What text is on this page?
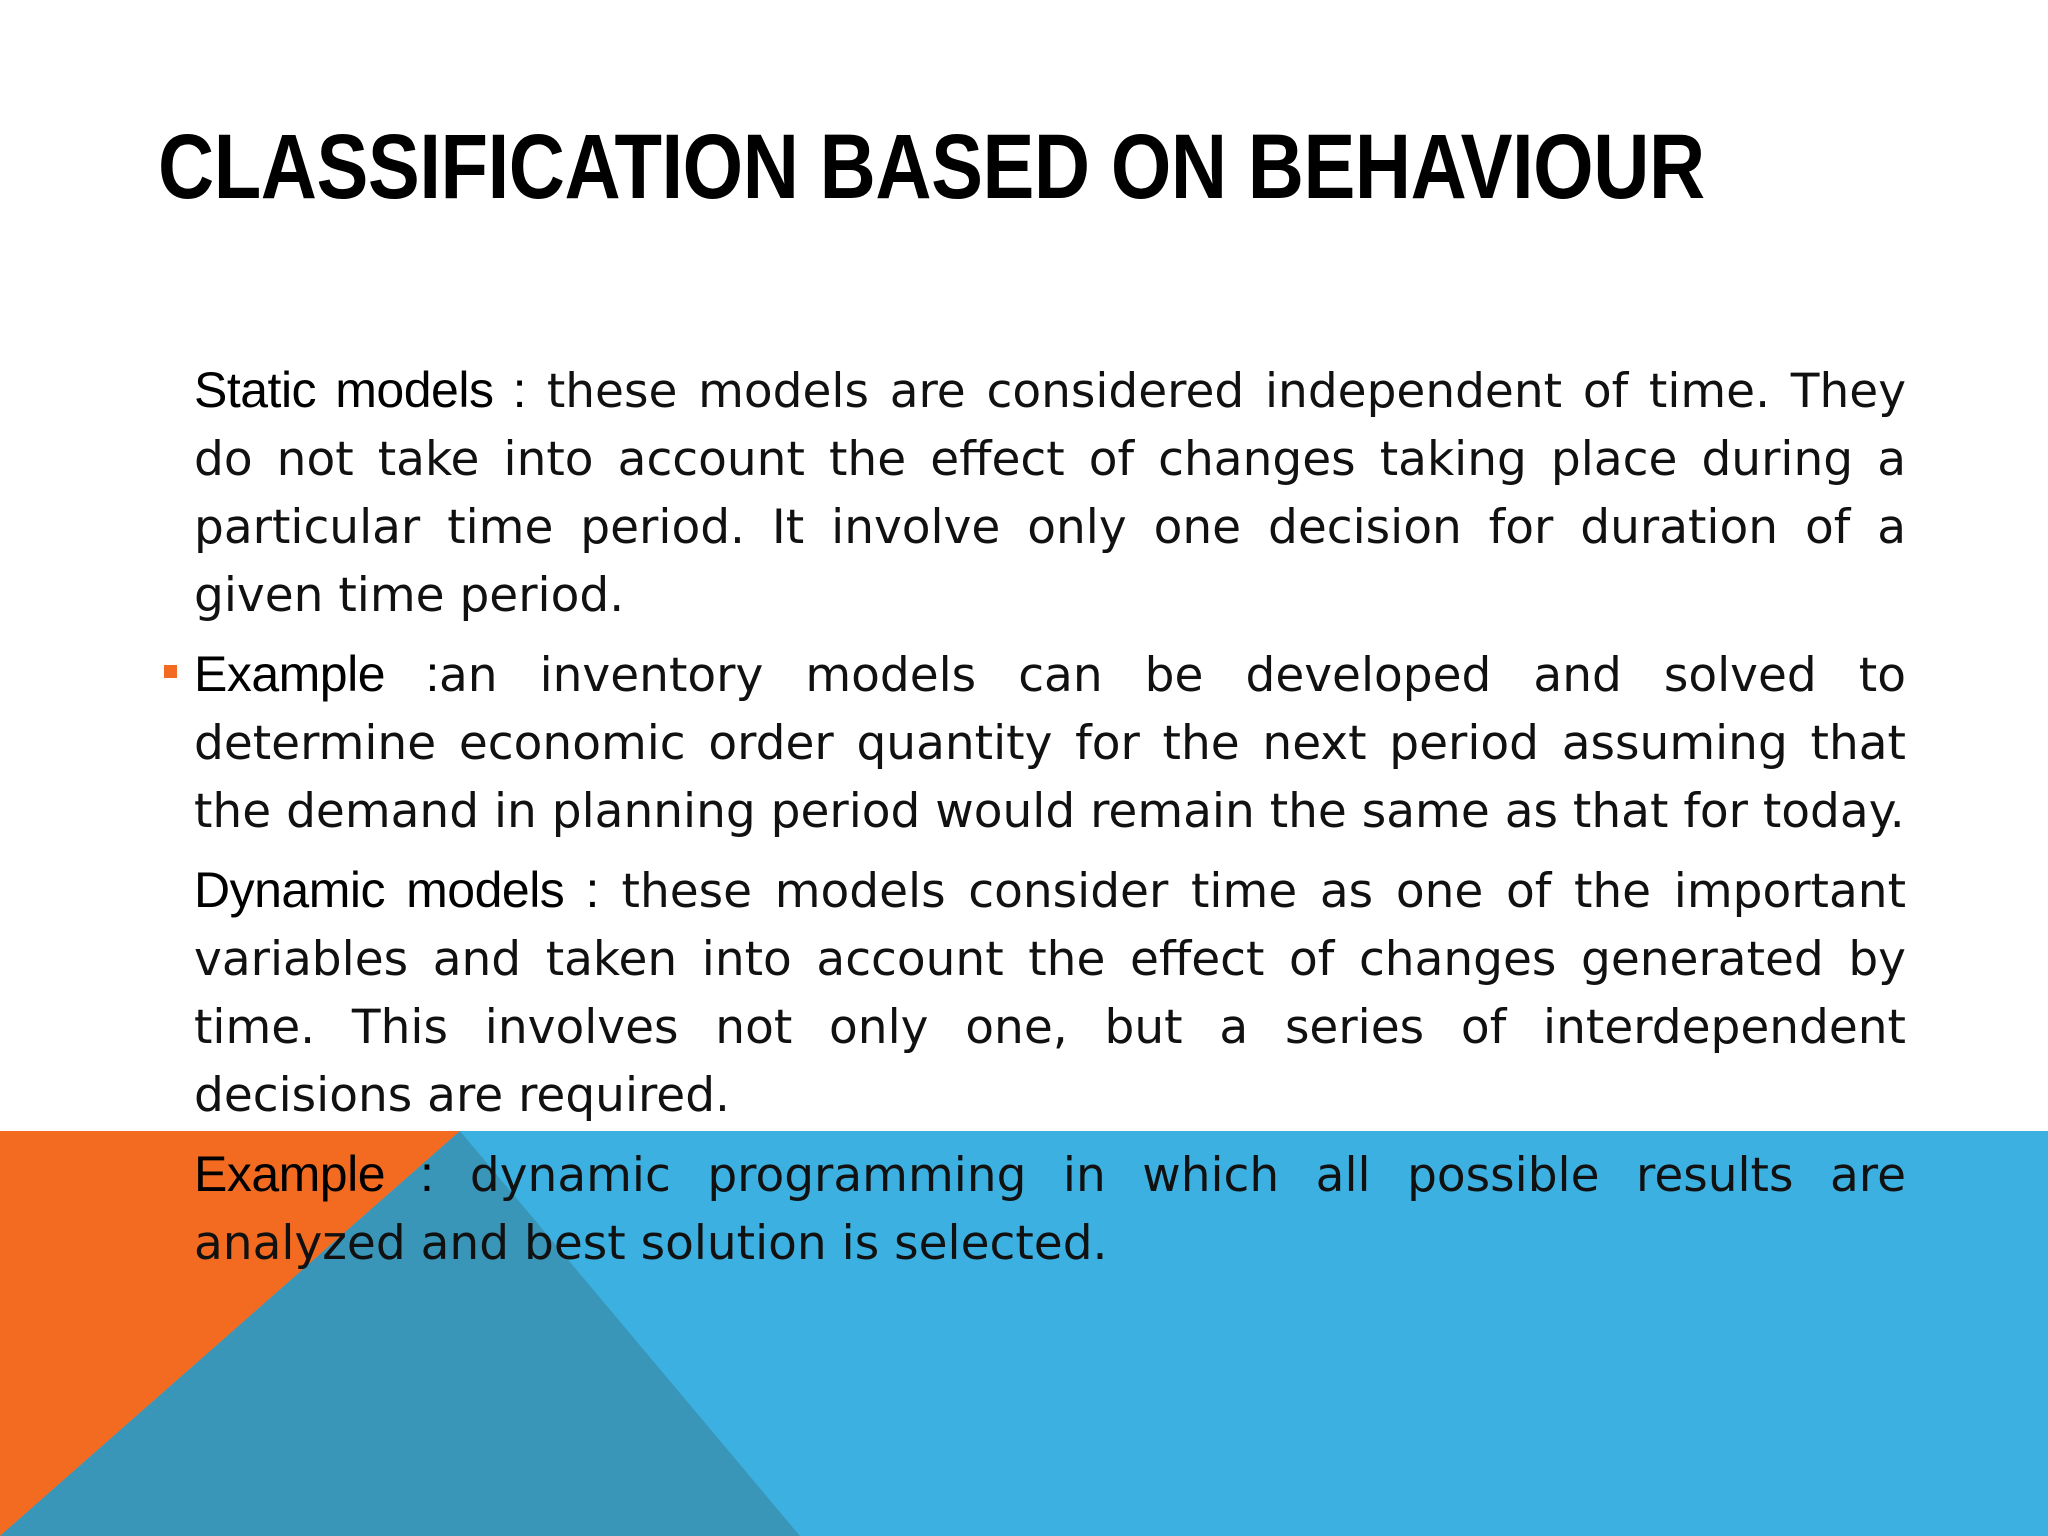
CLASSIFICATION BASED ON BEHAVIOUR

Static models : these models are considered independent of time. They do not take into account the effect of changes taking place during a particular time period. It involve only one decision for duration of a given time period.

Example :an inventory models can be developed and solved to determine economic order quantity for the next period assuming that the demand in planning period would remain the same as that for today.

Dynamic models : these models consider time as one of the important variables and taken into account the effect of changes generated by time. This involves not only one, but a series of interdependent decisions are required.

Example : dynamic programming in which all possible results are analyzed and best solution is selected.
